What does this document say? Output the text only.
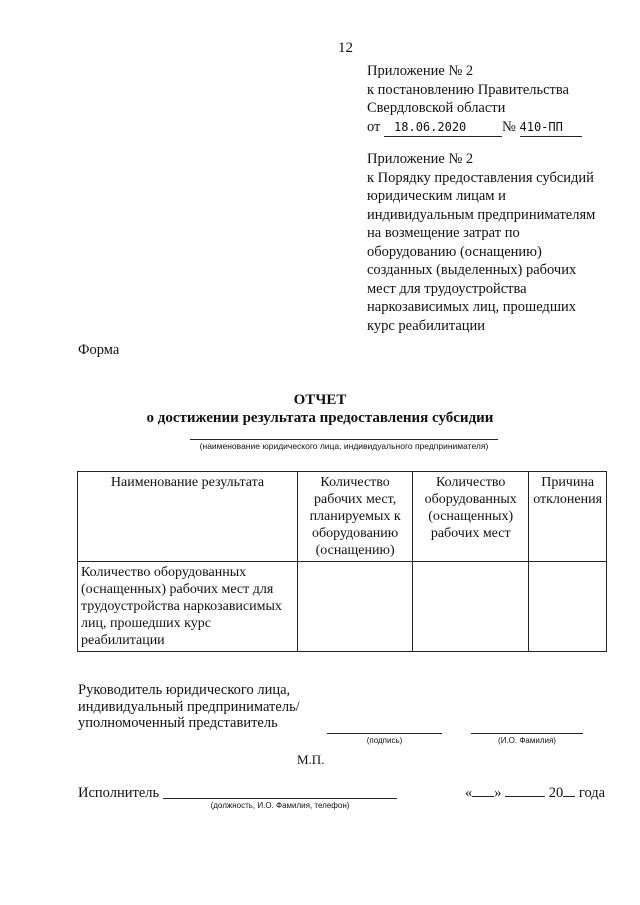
12
Приложение № 2
к постановлению Правительства
Свердловской области
от 18.06.2020 № 410-ПП
Приложение № 2
к Порядку предоставления субсидий
юридическим лицам и
индивидуальным предпринимателям
на возмещение затрат по
оборудованию (оснащению)
созданных (выделенных) рабочих
мест для трудоустройства
наркозависимых лиц, прошедших
курс реабилитации
Форма
ОТЧЕТ
о достижении результата предоставления субсидии
(наименование юридического лица, индивидуального предпринимателя)
Наименование результата	Количество рабочих мест, планируемых к оборудованию (оснащению)	Количество оборудованных (оснащенных) рабочих мест	Причина отклонения
Количество оборудованных (оснащенных) рабочих мест для трудоустройства наркозависимых лиц, прошедших курс реабилитации			
Руководитель юридического лица,
индивидуальный предприниматель/
уполномоченный представитель
(подпись)	(И.О. Фамилия)
М.П.
Исполнитель
(должность, И.О. Фамилия, телефон)
« »	20 года
